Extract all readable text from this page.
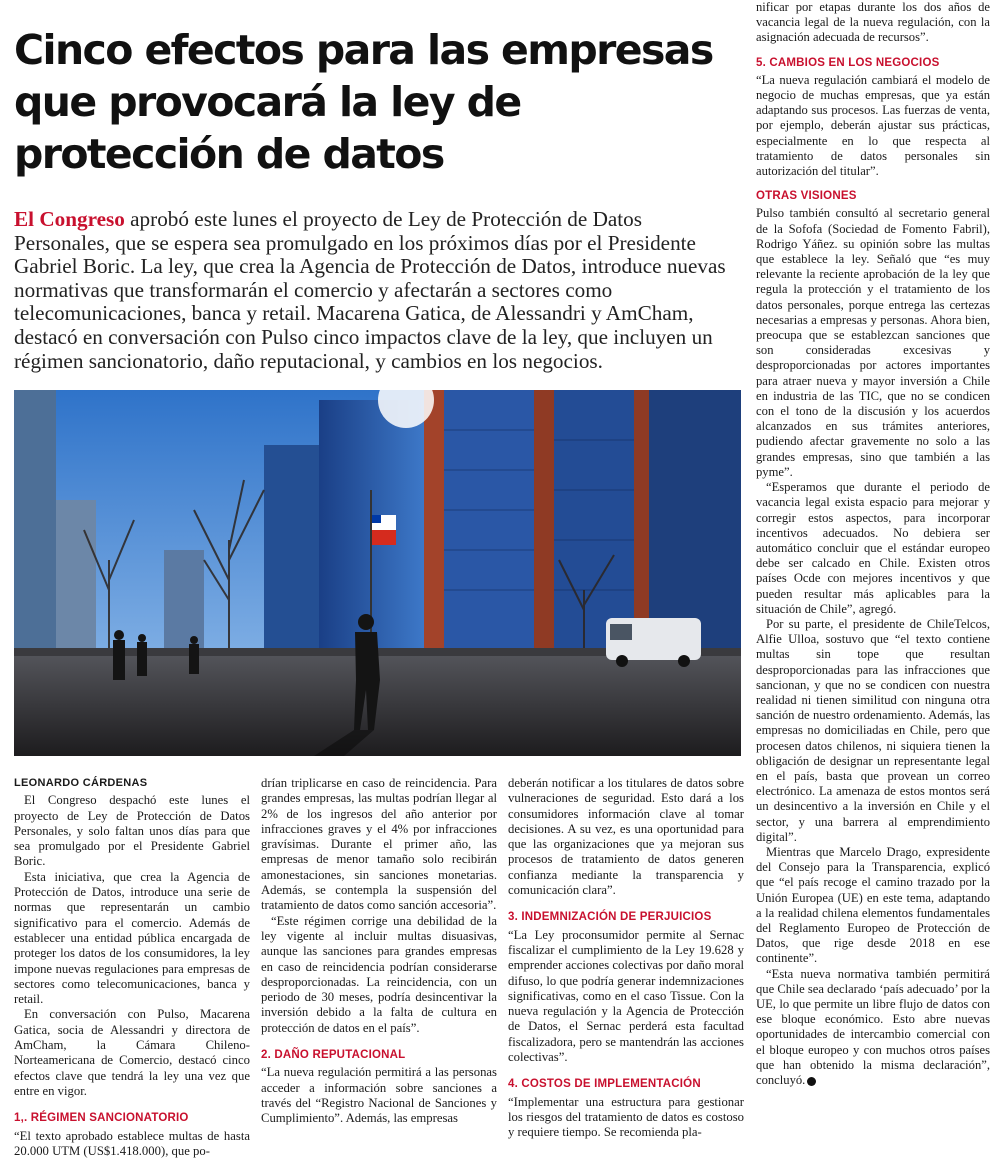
Cinco efectos para las empresas que provocará la ley de protección de datos

El Congreso aprobó este lunes el proyecto de Ley de Protección de Datos Personales, que se espera sea promulgado en los próximos días por el Presidente Gabriel Boric. La ley, que crea la Agencia de Protección de Datos, introduce nuevas normativas que transformarán el comercio y afectarán a sectores como telecomunicaciones, banca y retail. Macarena Gatica, de Alessandri y AmCham, destacó en conversación con Pulso cinco impactos clave de la ley, que incluyen un régimen sancionatorio, daño reputacional, y cambios en los negocios.

LEONARDO CÁRDENAS

El Congreso despachó este lunes el proyecto de Ley de Protección de Datos Personales, y solo faltan unos días para que sea promulgado por el Presidente Gabriel Boric.

Esta iniciativa, que crea la Agencia de Protección de Datos, introduce una serie de normas que representarán un cambio significativo para el comercio. Además de establecer una entidad pública encargada de proteger los datos de los consumidores, la ley impone nuevas regulaciones para empresas de sectores como telecomunicaciones, banca y retail.

En conversación con Pulso, Macarena Gatica, socia de Alessandri y directora de AmCham, la Cámara Chileno-Norteamericana de Comercio, destacó cinco efectos clave que tendrá la ley una vez que entre en vigor.

1,. RÉGIMEN SANCIONATORIO

“El texto aprobado establece multas de hasta 20.000 UTM (US$1.418.000), que po-

drían triplicarse en caso de reincidencia. Para grandes empresas, las multas podrían llegar al 2% de los ingresos del año anterior por infracciones graves y el 4% por infracciones gravísimas. Durante el primer año, las empresas de menor tamaño solo recibirán amonestaciones, sin sanciones monetarias. Además, se contempla la suspensión del tratamiento de datos como sanción accesoria”.

“Este régimen corrige una debilidad de la ley vigente al incluir multas disuasivas, aunque las sanciones para grandes empresas en caso de reincidencia podrían considerarse desproporcionadas. La reincidencia, con un periodo de 30 meses, podría desincentivar la inversión debido a la falta de cultura en protección de datos en el país”.

2. DAÑO REPUTACIONAL

“La nueva regulación permitirá a las personas acceder a información sobre sanciones a través del “Registro Nacional de Sanciones y Cumplimiento”. Además, las empresas

deberán notificar a los titulares de datos sobre vulneraciones de seguridad. Esto dará a los consumidores información clave al tomar decisiones. A su vez, es una oportunidad para que las organizaciones que ya mejoran sus procesos de tratamiento de datos generen confianza mediante la transparencia y comunicación clara”.

3. INDEMNIZACIÓN DE PERJUICIOS

“La Ley proconsumidor permite al Sernac fiscalizar el cumplimiento de la Ley 19.628 y emprender acciones colectivas por daño moral difuso, lo que podría generar indemnizaciones significativas, como en el caso Tissue. Con la nueva regulación y la Agencia de Protección de Datos, el Sernac perderá esta facultad fiscalizadora, pero se mantendrán las acciones colectivas”.

4. COSTOS DE IMPLEMENTACIÓN

“Implementar una estructura para gestionar los riesgos del tratamiento de datos es costoso y requiere tiempo. Se recomienda pla-

nificar por etapas durante los dos años de vacancia legal de la nueva regulación, con la asignación adecuada de recursos”.

5. CAMBIOS EN LOS NEGOCIOS

“La nueva regulación cambiará el modelo de negocio de muchas empresas, que ya están adaptando sus procesos. Las fuerzas de venta, por ejemplo, deberán ajustar sus prácticas, especialmente en lo que respecta al tratamiento de datos personales sin autorización del titular”.

OTRAS VISIONES

Pulso también consultó al secretario general de la Sofofa (Sociedad de Fomento Fabril), Rodrigo Yáñez. su opinión sobre las multas que establece la ley. Señaló que “es muy relevante la reciente aprobación de la ley que regula la protección y el tratamiento de los datos personales, porque entrega las certezas necesarias a empresas y personas. Ahora bien, preocupa que se establezcan sanciones que son consideradas excesivas y desproporcionadas por actores importantes para atraer nueva y mayor inversión a Chile en industria de las TIC, que no se condicen con el tono de la discusión y los acuerdos alcanzados en sus trámites anteriores, pudiendo afectar gravemente no solo a las grandes empresas, sino que también a las pyme”.

“Esperamos que durante el periodo de vacancia legal exista espacio para mejorar y corregir estos aspectos, para incorporar incentivos adecuados. No debiera ser automático concluir que el estándar europeo debe ser calcado en Chile. Existen otros países Ocde con mejores incentivos y que pueden resultar más aplicables para la situación de Chile”, agregó.

Por su parte, el presidente de ChileTelcos, Alfie Ulloa, sostuvo que “el texto contiene multas sin tope que resultan desproporcionadas para las infracciones que sancionan, y que no se condicen con nuestra realidad ni tienen similitud con ninguna otra sanción de nuestro ordenamiento. Además, las empresas no domiciliadas en Chile, pero que procesen datos chilenos, ni siquiera tienen la obligación de designar un representante legal en el país, basta que provean un correo electrónico. La amenaza de estos montos será un desincentivo a la inversión en Chile y el sector, y una barrera al emprendimiento digital”.

Mientras que Marcelo Drago, expresidente del Consejo para la Transparencia, explicó que “el país recoge el camino trazado por la Unión Europea (UE) en este tema, adaptando a la realidad chilena elementos fundamentales del Reglamento Europeo de Protección de Datos, que rige desde 2018 en ese continente”.

“Esta nueva normativa también permitirá que Chile sea declarado ‘país adecuado’ por la UE, lo que permite un libre flujo de datos con ese bloque económico. Esto abre nuevas oportunidades de intercambio comercial con el bloque europeo y con muchos otros países que han obtenido la misma declaración”, concluyó.
